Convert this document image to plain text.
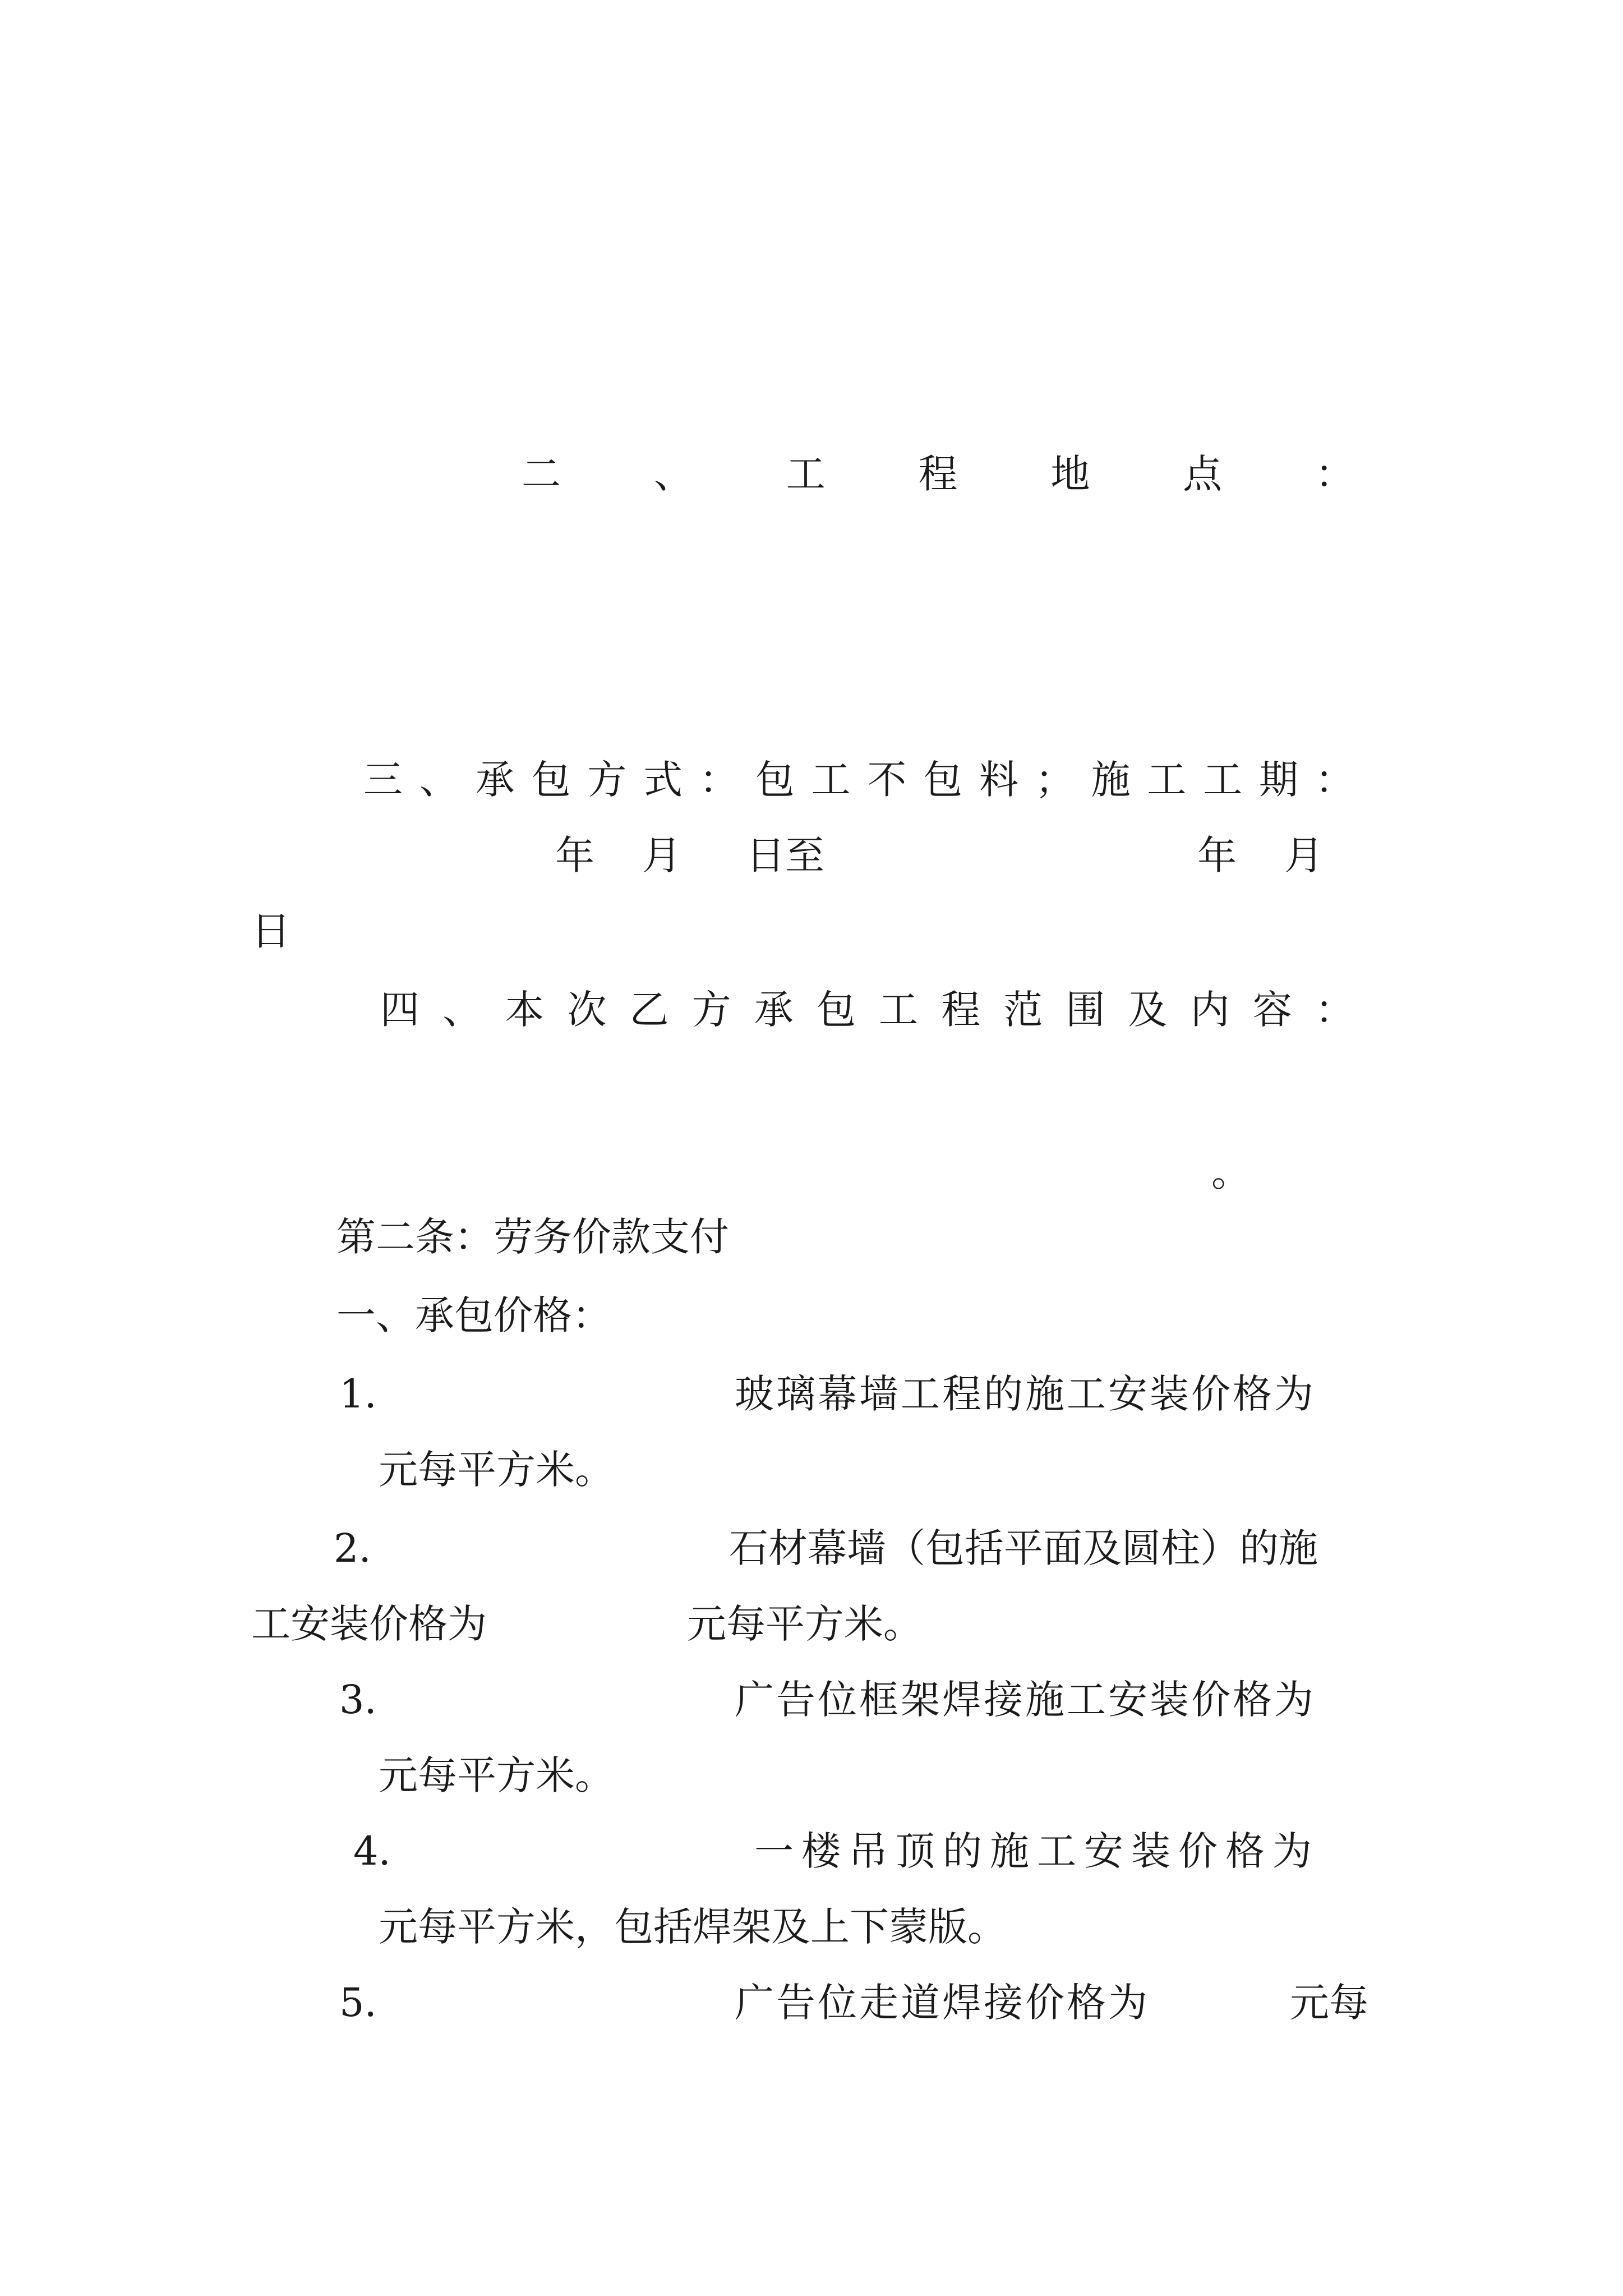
二 、 工 程 地 点 ：
三 、 承 包 方 式 ： 包 工 不 包 料 ； 施 工 工 期 ：
年 月 日至	年 月
日
四 、 本 次 乙 方 承 包 工 程 范 围 及 内 容 ：
。
第二条：劳务价款支付
一、承包价格：
1.	玻璃幕墙工程的施工安装价格为
元每平方米。
2.	石材幕墙（包括平面及圆柱）的施
工安装价格为	元每平方米。
3.	广告位框架焊接施工安装价格为
元每平方米。
4.	一楼吊顶的施工安装价格为
元每平方米，包括焊架及上下蒙版。
5.	广告位走道焊接价格为	元每
